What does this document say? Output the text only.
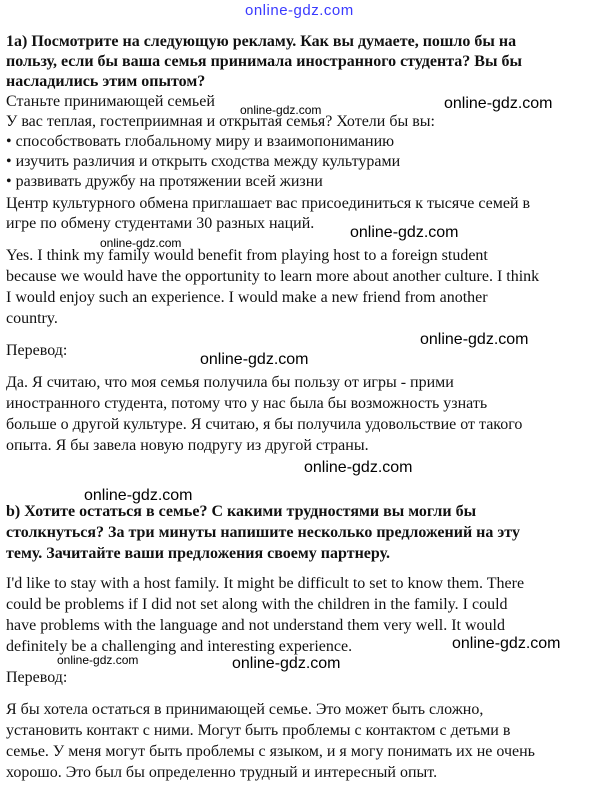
online-gdz.com

1a) Посмотрите на следующую рекламу. Как вы думаете, пошло бы на

пользу, если бы ваша семья принимала иностранного студента? Вы бы

насладились этим опытом?

Станьте принимающей семьей

У вас теплая, гостеприимная и открытая семья? Хотели бы вы:

• способствовать глобальному миру и взаимопониманию

• изучить различия и открыть сходства между культурами

• развивать дружбу на протяжении всей жизни

Центр культурного обмена приглашает вас присоединиться к тысяче семей в

игре по обмену студентами 30 разных наций.

Yes. I think my family would benefit from playing host to a foreign student

because we would have the opportunity to learn more about another culture. I think

I would enjoy such an experience. I would make a new friend from another

country.

Перевод:

Да. Я считаю, что моя семья получила бы пользу от игры - прими

иностранного студента, потому что у нас была бы возможность узнать

больше о другой культуре. Я считаю, я бы получила удовольствие от такого

опыта. Я бы завела новую подругу из другой страны.

b) Хотите остаться в семье? С какими трудностями вы могли бы

столкнуться? За три минуты напишите несколько предложений на эту

тему. Зачитайте ваши предложения своему партнеру.

I'd like to stay with a host family. It might be difficult to set to know them. There

could be problems if I did not set along with the children in the family. I could

have problems with the language and not understand them very well. It would

definitely be a challenging and interesting experience.

Перевод:

Я бы хотела остаться в принимающей семье. Это может быть сложно,

установить контакт с ними. Могут быть проблемы с контактом с детьми в

семье. У меня могут быть проблемы с языком, и я могу понимать их не очень

хорошо. Это был бы определенно трудный и интересный опыт.

online-gdz.com	online-gdz.com
online-gdz.com
online-gdz.com
online-gdz.com
online-gdz.com
online-gdz.com
online-gdz.com
online-gdz.com
online-gdz.com	online-gdz.com
